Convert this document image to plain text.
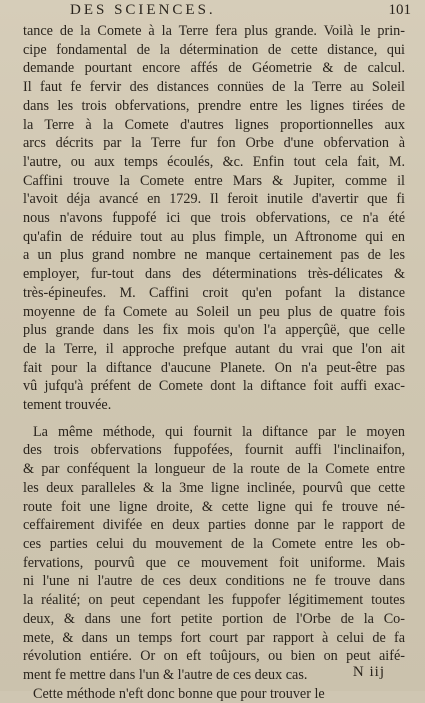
DES SCIENCES.	101
tance de la Comete à la Terre fera plus grande. Voilà le prin-
cipe fondamental de la détermination de cette distance, qui
demande pourtant encore affés de Géometrie & de calcul.
Il faut fe fervir des distances connües de la Terre au Soleil
dans les trois obfervations, prendre entre les lignes tirées de
la Terre à la Comete d'autres lignes proportionnelles aux
arcs décrits par la Terre fur fon Orbe d'une obfervation à
l'autre, ou aux temps écoulés, &c. Enfin tout cela fait, M.
Caffini trouve la Comete entre Mars & Jupiter, comme il
l'avoit déja avancé en 1729. Il feroit inutile d'avertir que fi
nous n'avons fuppofé ici que trois obfervations, ce n'a été
qu'afin de réduire tout au plus fimple, un Aftronome qui en
a un plus grand nombre ne manque certainement pas de les
employer, fur-tout dans des déterminations très-délicates &
très-épineufes. M. Caffini croit qu'en pofant la distance
moyenne de fa Comete au Soleil un peu plus de quatre fois
plus grande dans les fix mois qu'on l'a apperçûë, que celle
de la Terre, il approche prefque autant du vrai que l'on ait
fait pour la diftance d'aucune Planete. On n'a peut-être pas
vû jufqu'à préfent de Comete dont la diftance foit auffi exac-
tement trouvée.
La même méthode, qui fournit la diftance par le moyen
des trois obfervations fuppofées, fournit auffi l'inclinaifon,
& par conféquent la longueur de la route de la Comete entre
les deux paralleles & la 3me ligne inclinée, pourvû que cette
route foit une ligne droite, & cette ligne qui fe trouve né-
ceffairement divifée en deux parties donne par le rapport de
ces parties celui du mouvement de la Comete entre les ob-
fervations, pourvû que ce mouvement foit uniforme. Mais
ni l'une ni l'autre de ces deux conditions ne fe trouve dans
la réalité; on peut cependant les fuppofer légitimement toutes
deux, & dans une fort petite portion de l'Orbe de la Co-
mete, & dans un temps fort court par rapport à celui de fa
révolution entiére. Or on eft toûjours, ou bien on peut aifé-
ment fe mettre dans l'un & l'autre de ces deux cas.
Cette méthode n'eft donc bonne que pour trouver le
N iij
